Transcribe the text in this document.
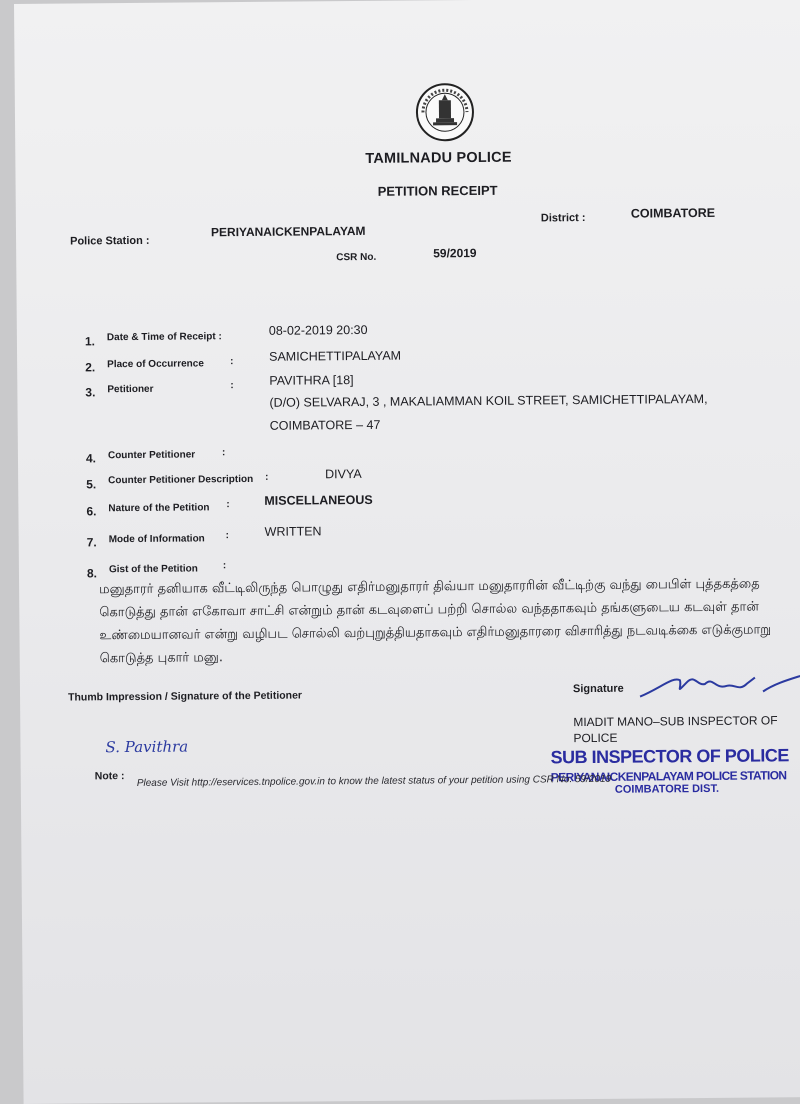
TAMILNADU POLICE
PETITION RECEIPT
Police Station :
PERIYANAICKENPALAYAM
District :	COIMBATORE
CSR No.	59/2019
1. Date & Time of Receipt :	08-02-2019 20:30
2. Place of Occurrence	:	SAMICHETTIPALAYAM
3. Petitioner	:	PAVITHRA [18]
(D/O) SELVARAJ, 3 , MAKALIAMMAN KOIL STREET, SAMICHETTIPALAYAM,
COIMBATORE – 47
4. Counter Petitioner	:
5. Counter Petitioner Description :	DIVYA
6. Nature of the Petition :	MISCELLANEOUS
7. Mode of Information :	WRITTEN
8. Gist of the Petition :
மனுதாரர் தனியாக வீட்டிலிருந்த பொழுது எதிர்மனுதாரர் திவ்யா மனுதாரரின் வீட்டிற்கு வந்து பைபிள் புத்தகத்தை கொடுத்து தான் எகோவா சாட்சி என்றும் தான் கடவுளைப் பற்றி சொல்ல வந்ததாகவும் தங்களுடைய கடவுள் தான் உண்மையானவர் என்று வழிபட சொல்லி வற்புறுத்தியதாகவும் எதிர்மனுதாரரை விசாரித்து நடவடிக்கை எடுக்குமாறு கொடுத்த புகார் மனு.
Thumb Impression / Signature of the Petitioner
S. Pavithra
Signature
MIADIT MANO–SUB INSPECTOR OF
POLICE
SUB INSPECTOR OF POLICE
PERIYANAICKENPALAYAM POLICE STATION
COIMBATORE DIST.
Note : Please Visit http://eservices.tnpolice.gov.in to know the latest status of your petition using CSR No. 59/2019
